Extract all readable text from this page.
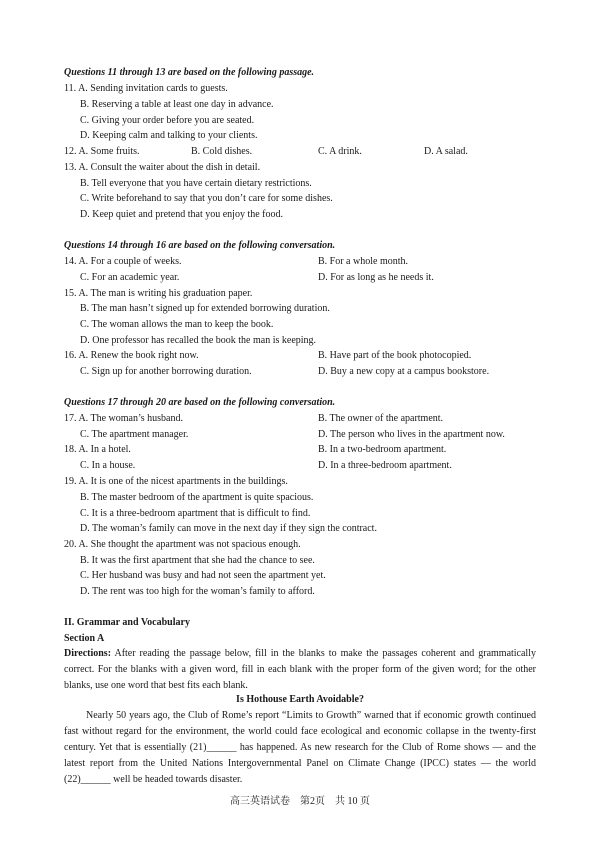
Questions 11 through 13 are based on the following passage.
11. A. Sending invitation cards to guests.
B. Reserving a table at least one day in advance.
C. Giving your order before you are seated.
D. Keeping calm and talking to your clients.
12. A. Some fruits.	B. Cold dishes.	C. A drink.	D. A salad.
13. A. Consult the waiter about the dish in detail.
B. Tell everyone that you have certain dietary restrictions.
C. Write beforehand to say that you don’t care for some dishes.
D. Keep quiet and pretend that you enjoy the food.
Questions 14 through 16 are based on the following conversation.
14. A. For a couple of weeks.	B. For a whole month.
C. For an academic year.	D. For as long as he needs it.
15. A. The man is writing his graduation paper.
B. The man hasn’t signed up for extended borrowing duration.
C. The woman allows the man to keep the book.
D. One professor has recalled the book the man is keeping.
16. A. Renew the book right now.	B. Have part of the book photocopied.
C. Sign up for another borrowing duration.	D. Buy a new copy at a campus bookstore.
Questions 17 through 20 are based on the following conversation.
17. A. The woman’s husband.	B. The owner of the apartment.
C. The apartment manager.	D. The person who lives in the apartment now.
18. A. In a hotel.	B. In a two-bedroom apartment.
C. In a house.	D. In a three-bedroom apartment.
19. A. It is one of the nicest apartments in the buildings.
B. The master bedroom of the apartment is quite spacious.
C. It is a three-bedroom apartment that is difficult to find.
D. The woman’s family can move in the next day if they sign the contract.
20. A. She thought the apartment was not spacious enough.
B. It was the first apartment that she had the chance to see.
C. Her husband was busy and had not seen the apartment yet.
D. The rent was too high for the woman’s family to afford.
II. Grammar and Vocabulary
Section A
Directions: After reading the passage below, fill in the blanks to make the passages coherent and grammatically correct. For the blanks with a given word, fill in each blank with the proper form of the given word; for the other blanks, use one word that best fits each blank.
Is Hothouse Earth Avoidable?
Nearly 50 years ago, the Club of Rome’s report “Limits to Growth” warned that if economic growth continued fast without regard for the environment, the world could face ecological and economic collapse in the twenty-first century. Yet that is essentially (21)______ has happened. As new research for the Club of Rome shows — and the latest report from the United Nations Intergovernmental Panel on Climate Change (IPCC) states — the world (22)______ well be headed towards disaster.
高三英语试卷　第2页　共 10 页
